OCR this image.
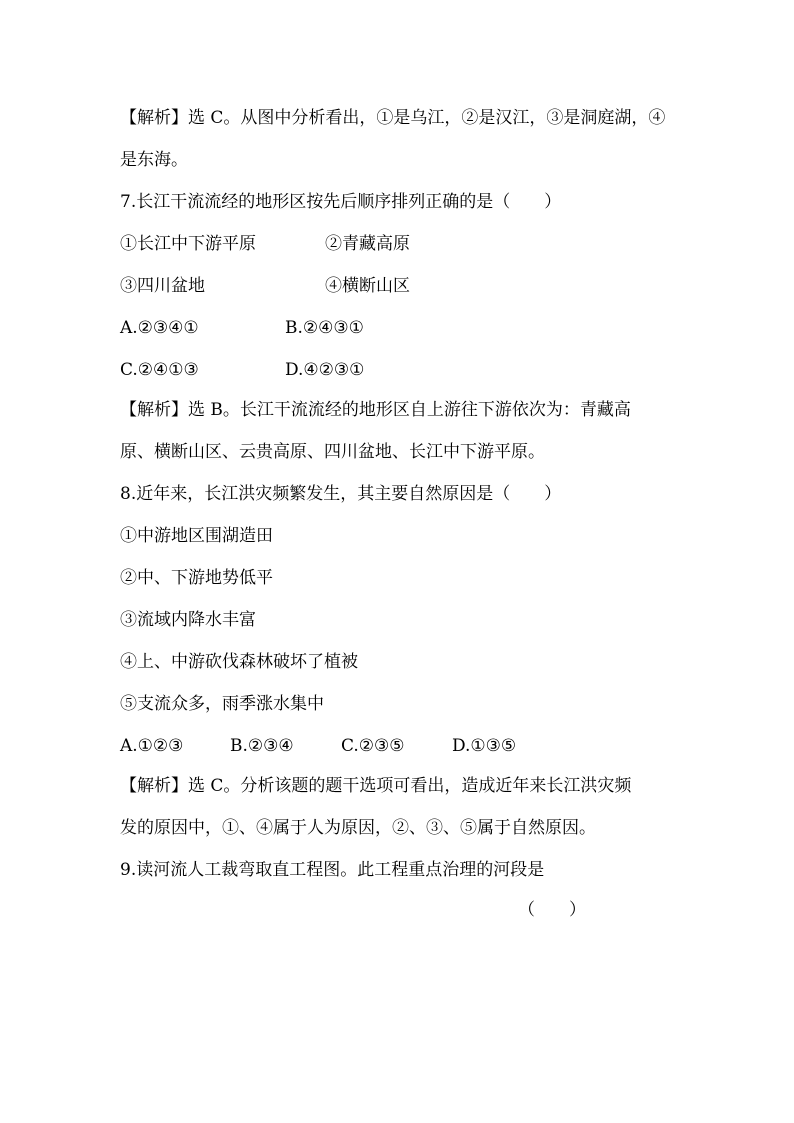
【解析】选 C。从图中分析看出，①是乌江，②是汉江，③是洞庭湖，④
是东海。
7.长江干流流经的地形区按先后顺序排列正确的是（　　）
①长江中下游平原	②青藏高原
③四川盆地	④横断山区
A.②③④①	B.②④③①
C.②④①③	D.④②③①
【解析】选 B。长江干流流经的地形区自上游往下游依次为：青藏高
原、横断山区、云贵高原、四川盆地、长江中下游平原。
8.近年来，长江洪灾频繁发生，其主要自然原因是（　　）
①中游地区围湖造田
②中、下游地势低平
③流域内降水丰富
④上、中游砍伐森林破坏了植被
⑤支流众多，雨季涨水集中
A.①②③	B.②③④	C.②③⑤	D.①③⑤
【解析】选 C。分析该题的题干选项可看出，造成近年来长江洪灾频
发的原因中，①、④属于人为原因，②、③、⑤属于自然原因。
9.读河流人工裁弯取直工程图。此工程重点治理的河段是
（　　）
